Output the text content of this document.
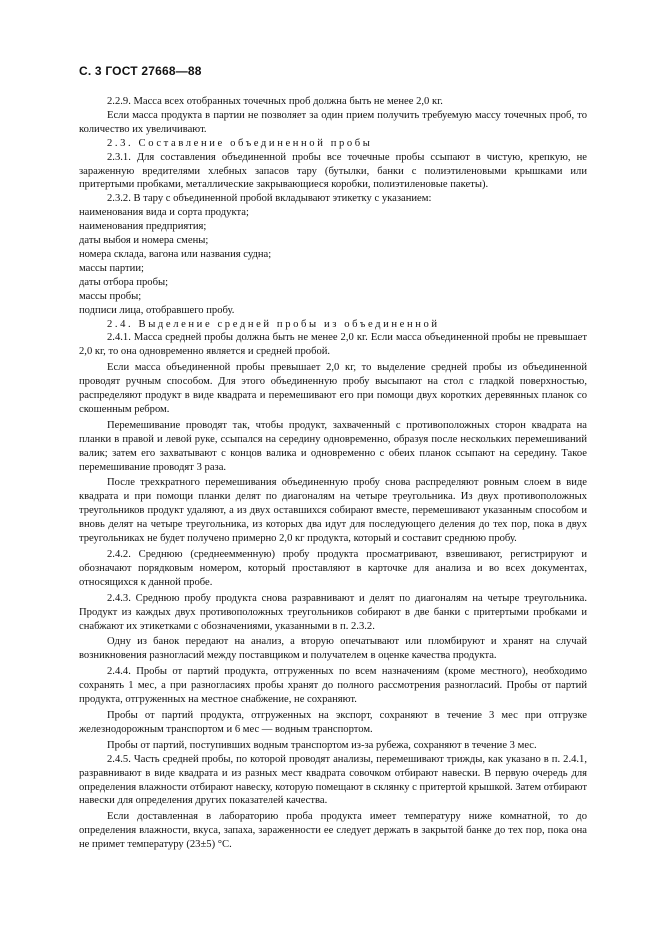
С. 3 ГОСТ 27668—88

2.2.9. Масса всех отобранных точечных проб должна быть не менее 2,0 кг.

Если масса продукта в партии не позволяет за один прием получить требуемую массу точечных проб, то количество их увеличивают.

2.3. Составление объединенной пробы

2.3.1. Для составления объединенной пробы все точечные пробы ссыпают в чистую, крепкую, не зараженную вредителями хлебных запасов тару (бутылки, банки с полиэтиленовыми крышками или притертыми пробками, металлические закрывающиеся коробки, полиэтиленовые пакеты).

2.3.2. В тару с объединенной пробой вкладывают этикетку с указанием:

наименования вида и сорта продукта;

наименования предприятия;

даты выбоя и номера смены;

номера склада, вагона или названия судна;

массы партии;

даты отбора пробы;

массы пробы;

подписи лица, отобравшего пробу.

2.4. Выделение средней пробы из объединенной

2.4.1. Масса средней пробы должна быть не менее 2,0 кг. Если масса объединенной пробы не превышает 2,0 кг, то она одновременно является и средней пробой.

Если масса объединенной пробы превышает 2,0 кг, то выделение средней пробы из объединенной проводят ручным способом. Для этого объединенную пробу высыпают на стол с гладкой поверхностью, распределяют продукт в виде квадрата и перемешивают его при помощи двух коротких деревянных планок со скошенным ребром.

Перемешивание проводят так, чтобы продукт, захваченный с противоположных сторон квадрата на планки в правой и левой руке, ссыпался на середину одновременно, образуя после нескольких перемешиваний валик; затем его захватывают с концов валика и одновременно с обеих планок ссыпают на середину. Такое перемешивание проводят 3 раза.

После трехкратного перемешивания объединенную пробу снова распределяют ровным слоем в виде квадрата и при помощи планки делят по диагоналям на четыре треугольника. Из двух противоположных треугольников продукт удаляют, а из двух оставшихся собирают вместе, перемешивают указанным способом и вновь делят на четыре треугольника, из которых два идут для последующего деления до тех пор, пока в двух треугольниках не будет получено примерно 2,0 кг продукта, который и составит среднюю пробу.

2.4.2. Среднюю (среднеемменную) пробу продукта просматривают, взвешивают, регистрируют и обозначают порядковым номером, который проставляют в карточке для анализа и во всех документах, относящихся к данной пробе.

2.4.3. Среднюю пробу продукта снова разравнивают и делят по диагоналям на четыре треугольника. Продукт из каждых двух противоположных треугольников собирают в две банки с притертыми пробками и снабжают их этикетками с обозначениями, указанными в п. 2.3.2.

Одну из банок передают на анализ, а вторую опечатывают или пломбируют и хранят на случай возникновения разногласий между поставщиком и получателем в оценке качества продукта.

2.4.4. Пробы от партий продукта, отгруженных по всем назначениям (кроме местного), необходимо сохранять 1 мес, а при разногласиях пробы хранят до полного рассмотрения разногласий. Пробы от партий продукта, отгруженных на местное снабжение, не сохраняют.

Пробы от партий продукта, отгруженных на экспорт, сохраняют в течение 3 мес при отгрузке железнодорожным транспортом и 6 мес — водным транспортом.

Пробы от партий, поступивших водным транспортом из-за рубежа, сохраняют в течение 3 мес.

2.4.5. Часть средней пробы, по которой проводят анализы, перемешивают трижды, как указано в п. 2.4.1, разравнивают в виде квадрата и из разных мест квадрата совочком отбирают навески. В первую очередь для определения влажности отбирают навеску, которую помещают в склянку с притертой крышкой. Затем отбирают навески для определения других показателей качества.

Если доставленная в лабораторию проба продукта имеет температуру ниже комнатной, то до определения влажности, вкуса, запаха, зараженности ее следует держать в закрытой банке до тех пор, пока она не примет температуру (23±5) °С.
